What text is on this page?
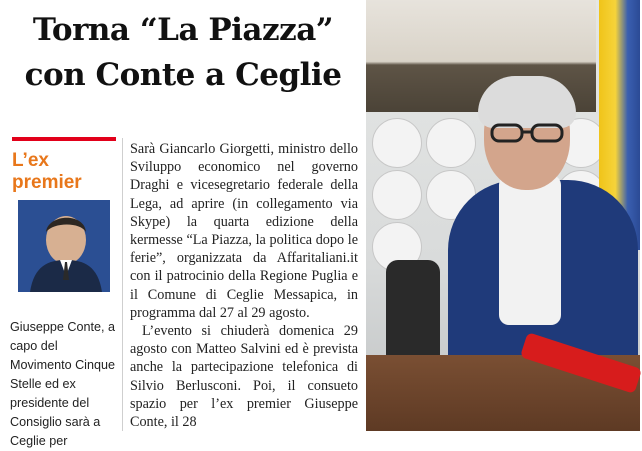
Torna “La Piazza”
con Conte a Ceglie
L’ex
premier
Giuseppe Conte, a capo del Movimento Cinque Stelle ed ex presidente del Consiglio sarà a Ceglie per

Sarà Giancarlo Giorgetti, ministro dello Sviluppo economico nel governo Draghi e vicesegretario federale della Lega, ad aprire (in collegamento via Skype) la quarta edizione della kermesse “La Piazza, la politica dopo le ferie”, organizzata da Affaritaliani.it con il patrocinio della Regione Puglia e il Comune di Ceglie Messapica, in programma dal 27 al 29 agosto.

L’evento si chiuderà domenica 29 agosto con Matteo Salvini ed è prevista anche la partecipazione telefonica di Silvio Berlusconi. Poi, il consueto spazio per l’ex premier Giuseppe Conte, il 28
